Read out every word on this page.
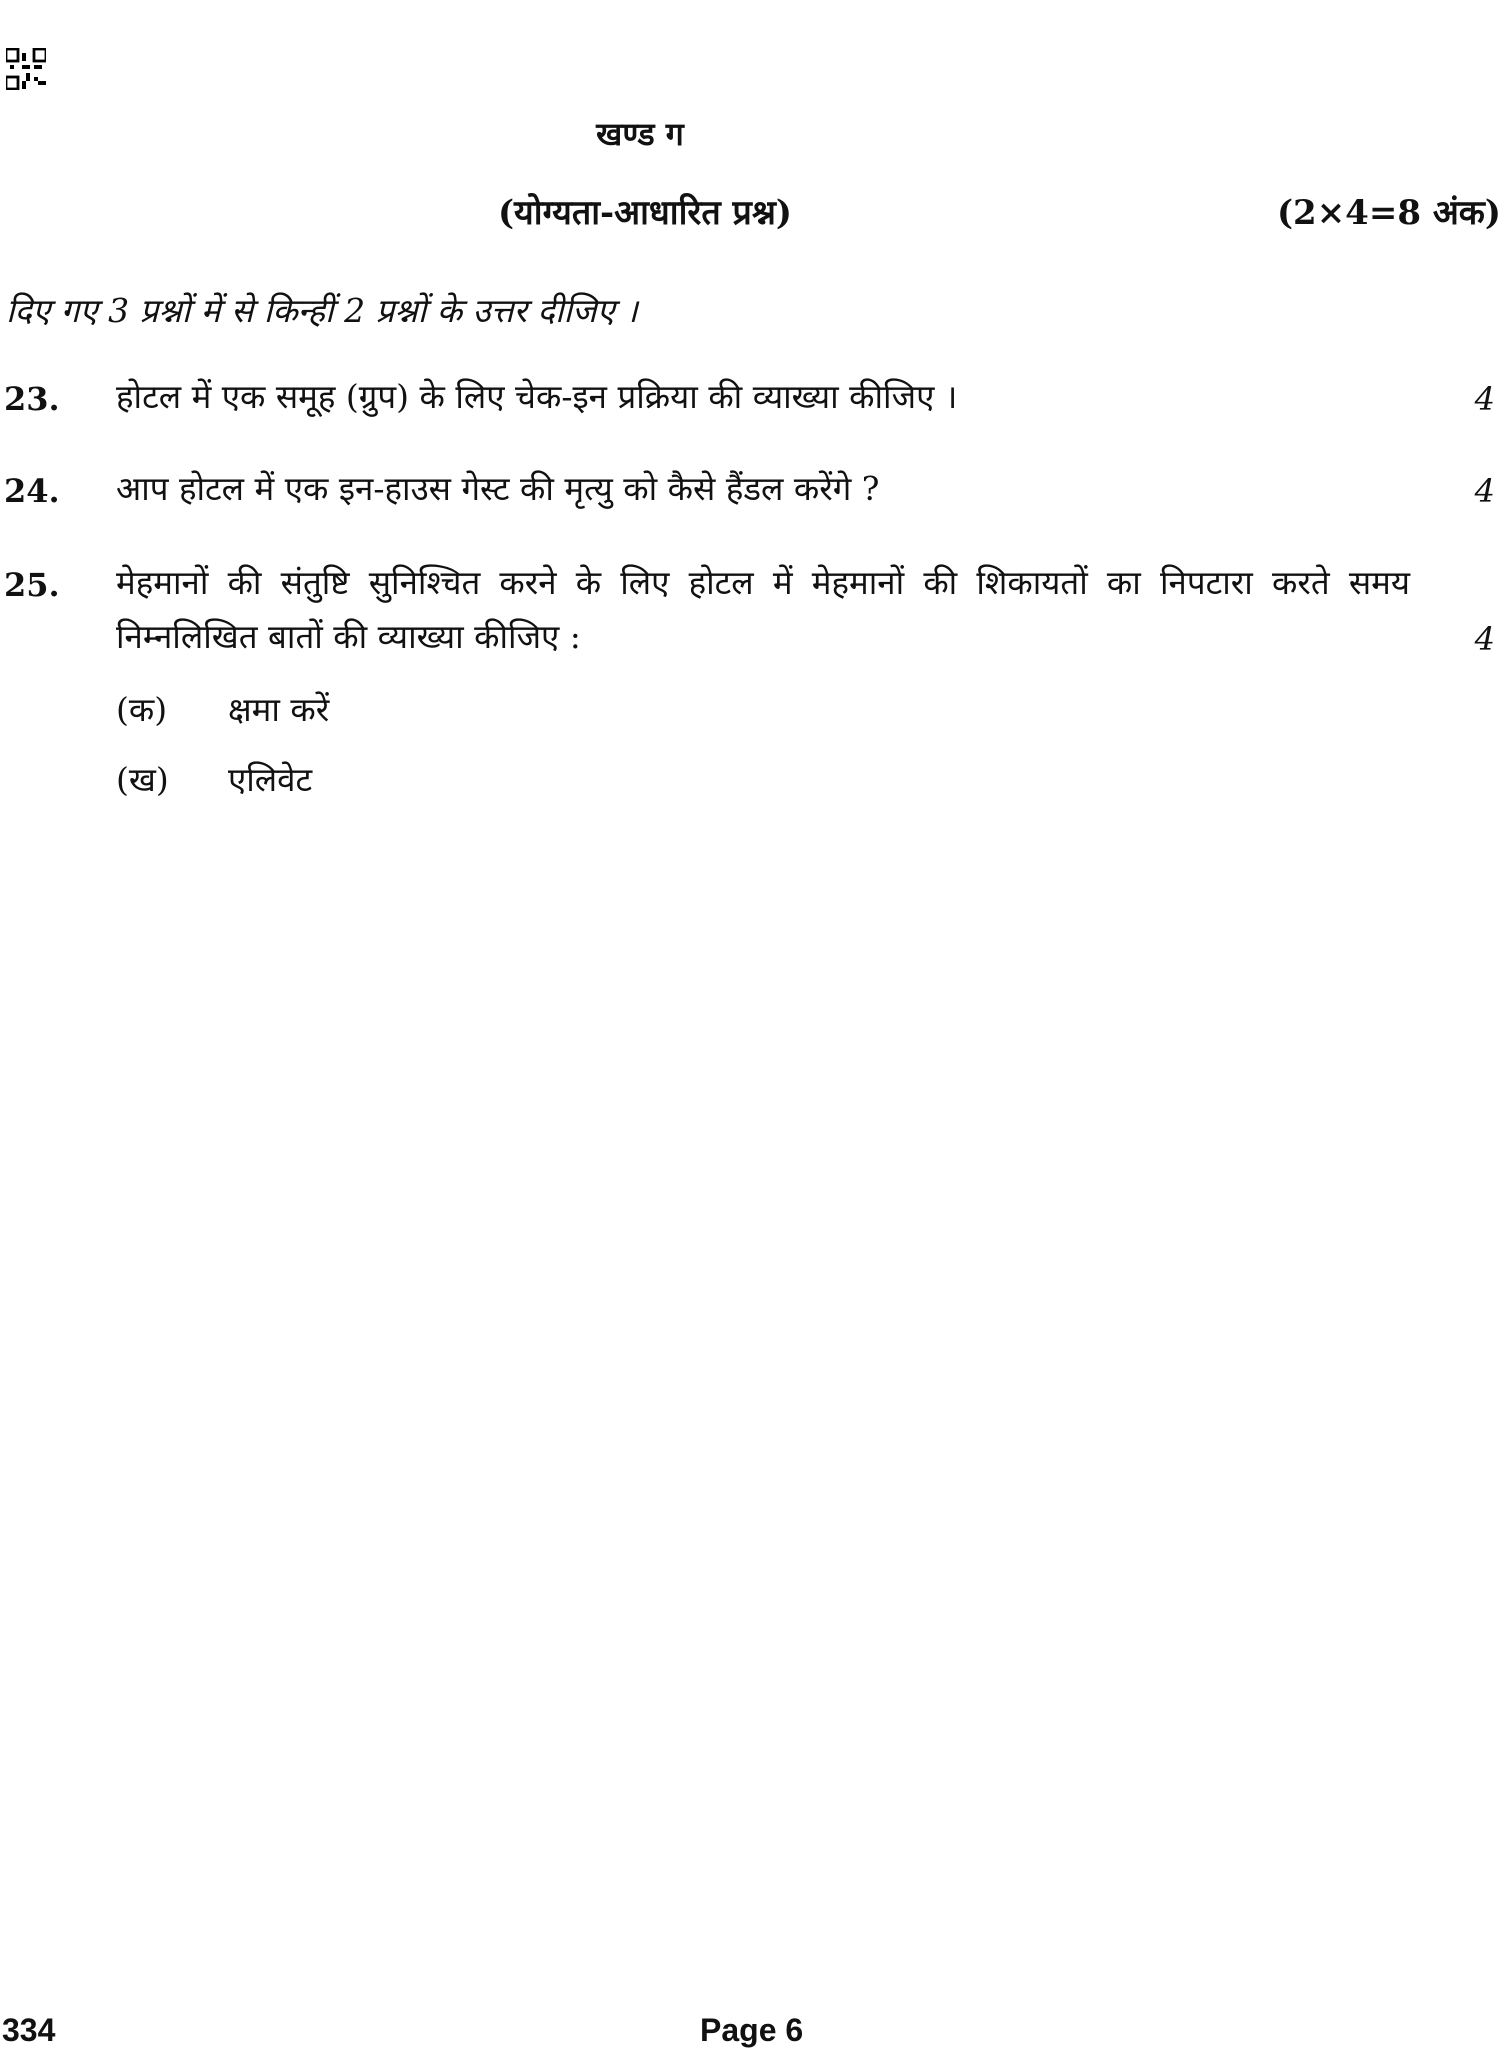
खण्ड ग
(योग्यता-आधारित प्रश्न)	(2×4=8 अंक)
दिए गए 3 प्रश्नों में से किन्हीं 2 प्रश्नों के उत्तर दीजिए ।
23. होटल में एक समूह (ग्रुप) के लिए चेक-इन प्रक्रिया की व्याख्या कीजिए ।	4
24. आप होटल में एक इन-हाउस गेस्ट की मृत्यु को कैसे हैंडल करेंगे ?	4
25. मेहमानों की संतुष्टि सुनिश्चित करने के लिए होटल में मेहमानों की शिकायतों का निपटारा करते समय निम्नलिखित बातों की व्याख्या कीजिए :	4
(क) क्षमा करें
(ख) एलिवेट
334	Page 6
